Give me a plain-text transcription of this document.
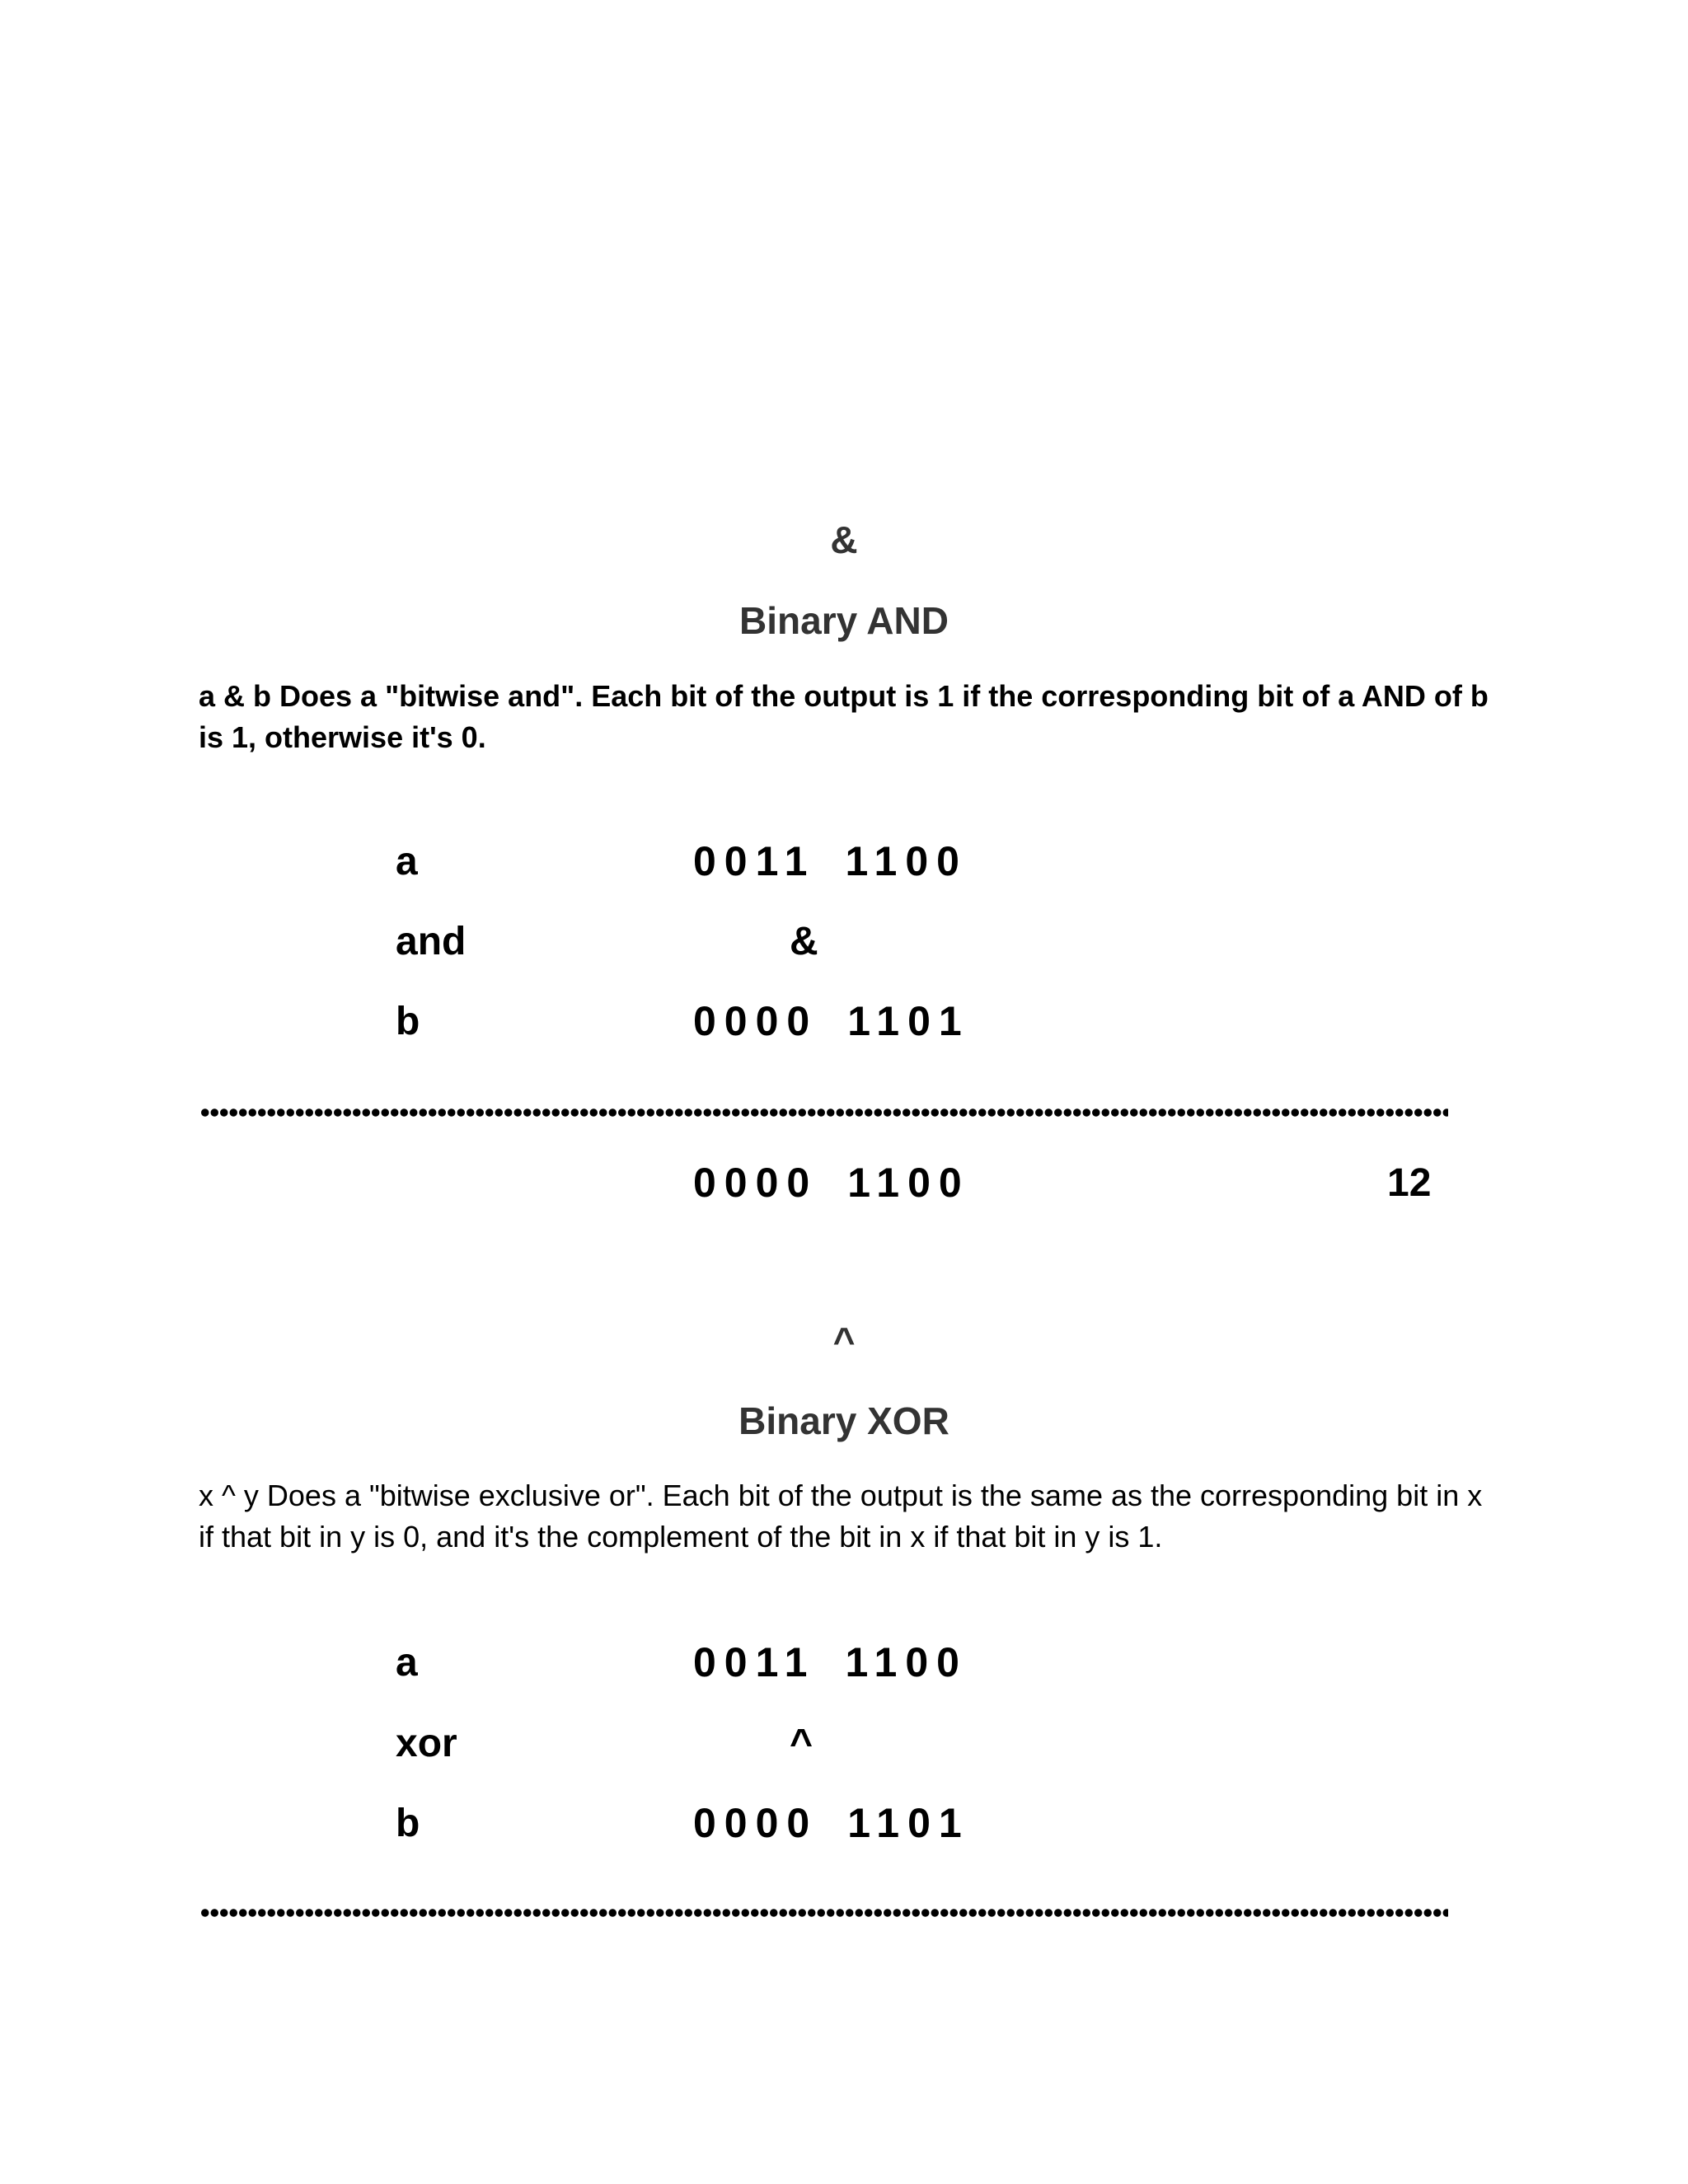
&
Binary AND
a & b Does a "bitwise and". Each bit of the output is 1 if the corresponding bit of a AND of b is 1, otherwise it's 0.
a	0011 1100
and	&
b	0000 1101
0000 1100	12
^
Binary XOR
x ^ y Does a "bitwise exclusive or". Each bit of the output is the same as the corresponding bit in x if that bit in y is 0, and it's the complement of the bit in x if that bit in y is 1.
a	0011 1100
xor	^
b	0000 1101
